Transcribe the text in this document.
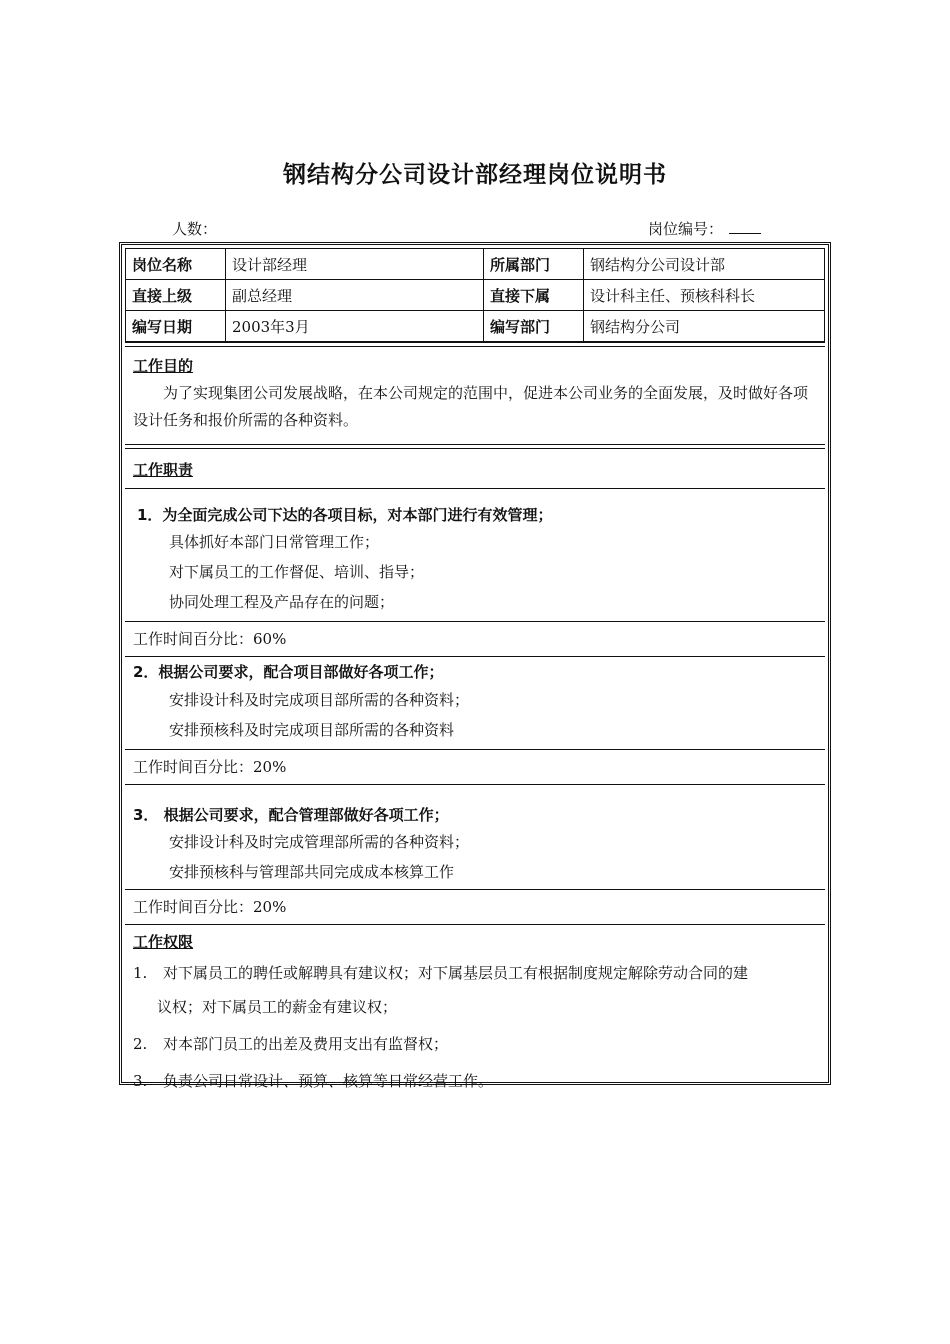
钢结构分公司设计部经理岗位说明书
人数：	岗位编号：
岗位名称	设计部经理	所属部门	钢结构分公司设计部
直接上级	副总经理	直接下属	设计科主任、预核科科长
编写日期	2003年3月	编写部门	钢结构分公司
工作目的
为了实现集团公司发展战略，在本公司规定的范围中，促进本公司业务的全面发展，及时做好各项设计任务和报价所需的各种资料。
工作职责
1．为全面完成公司下达的各项目标，对本部门进行有效管理；
具体抓好本部门日常管理工作；
对下属员工的工作督促、培训、指导；
协同处理工程及产品存在的问题；
工作时间百分比：60%
2．根据公司要求，配合项目部做好各项工作；
安排设计科及时完成项目部所需的各种资料；
安排预核科及时完成项目部所需的各种资料
工作时间百分比：20%
3． 根据公司要求，配合管理部做好各项工作；
安排设计科及时完成管理部所需的各种资料；
安排预核科与管理部共同完成成本核算工作
工作时间百分比：20%
工作权限
1.	对下属员工的聘任或解聘具有建议权；对下属基层员工有根据制度规定解除劳动合同的建
议权；对下属员工的薪金有建议权；
2.	对本部门员工的出差及费用支出有监督权；
3.	负责公司日常设计、预算、核算等日常经营工作。
